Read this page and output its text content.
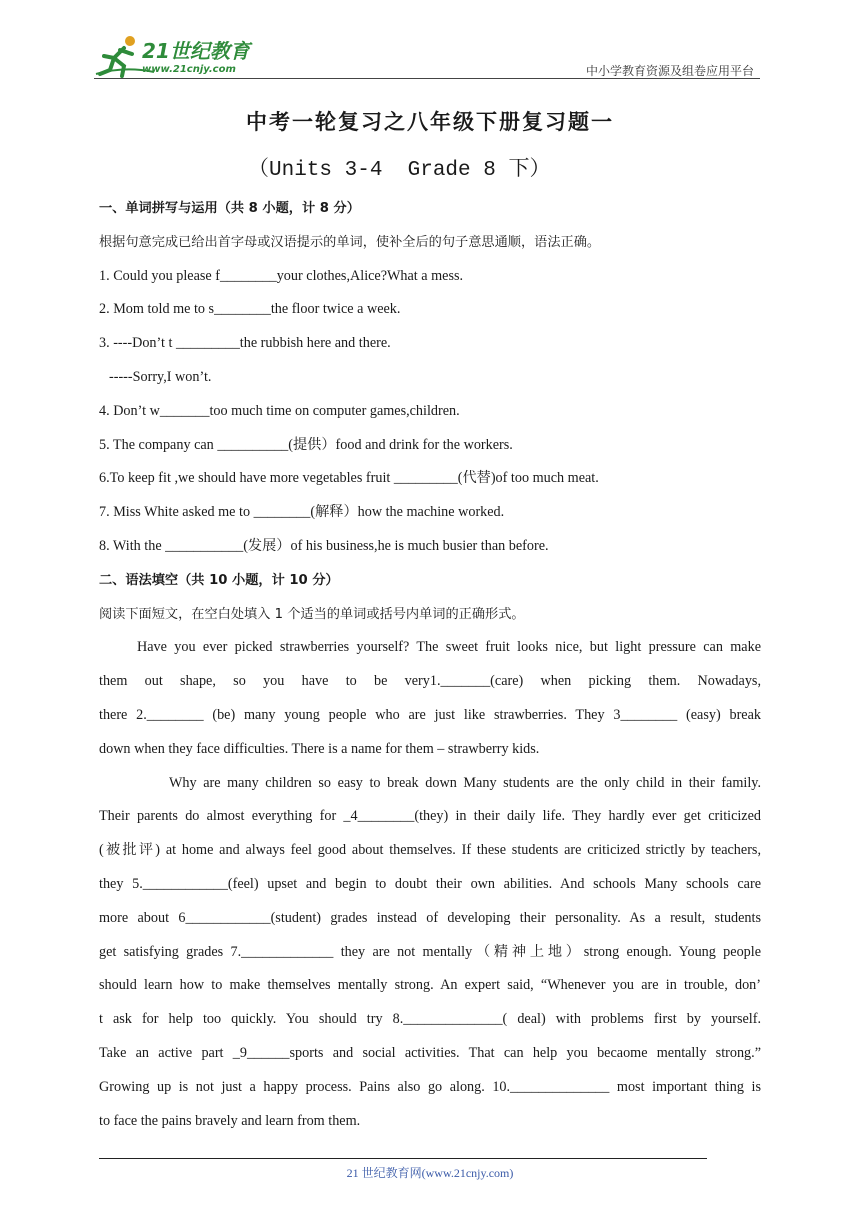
21世纪教育
www.21cnjy.com	中小学教育资源及组卷应用平台
中考一轮复习之八年级下册复习题一
（Units 3-4  Grade 8 下）
一、单词拼写与运用（共 8 小题，计 8 分）
根据句意完成已给出首字母或汉语提示的单词，使补全后的句子意思通顺，语法正确。
1. Could you please f________your clothes,Alice?What a mess.
2. Mom told me to s________the floor twice a week.
3. ----Don’t t _________the rubbish here and there.
-----Sorry,I won’t.
4. Don’t w_______too much time on computer games,children.
5. The company can __________(提供）food and drink for the workers.
6.To keep fit ,we should have more vegetables fruit _________(代替)of too much meat.
7. Miss White asked me to ________(解释）how the machine worked.
8. With the ___________(发展）of his business,he is much busier than before.
二、语法填空（共 10 小题，计 10 分）
阅读下面短文，在空白处填入 1 个适当的单词或括号内单词的正确形式。
Have you ever picked strawberries yourself? The sweet fruit looks nice, but light pressure can make
them out shape, so you have to be very1._______(care) when picking them. Nowadays,
there 2.________ (be) many young people who are just like strawberries. They 3________ (easy) break
down when they face difficulties. There is a name for them – strawberry kids.
Why are many children so easy to break down Many students are the only child in their family.
Their parents do almost everything for _4________(they) in their daily life. They hardly ever get criticized
(被批评) at home and always feel good about themselves. If these students are criticized strictly by teachers,
they 5.____________(feel) upset and begin to doubt their own abilities. And schools Many schools care
more about 6____________(student) grades instead of developing their personality. As a result, students
get satisfying grades 7._____________ they are not mentally（精神上地）strong enough. Young people
should learn how to make themselves mentally strong. An expert said, “Whenever you are in trouble, don’
t ask for help too quickly. You should try 8.______________( deal) with problems first by yourself.
Take an active part _9______sports and social activities. That can help you becaome mentally strong.”
Growing up is not just a happy process. Pains also go along. 10.______________ most important thing is
to face the pains bravely and learn from them.
21 世纪教育网(www.21cnjy.com)
